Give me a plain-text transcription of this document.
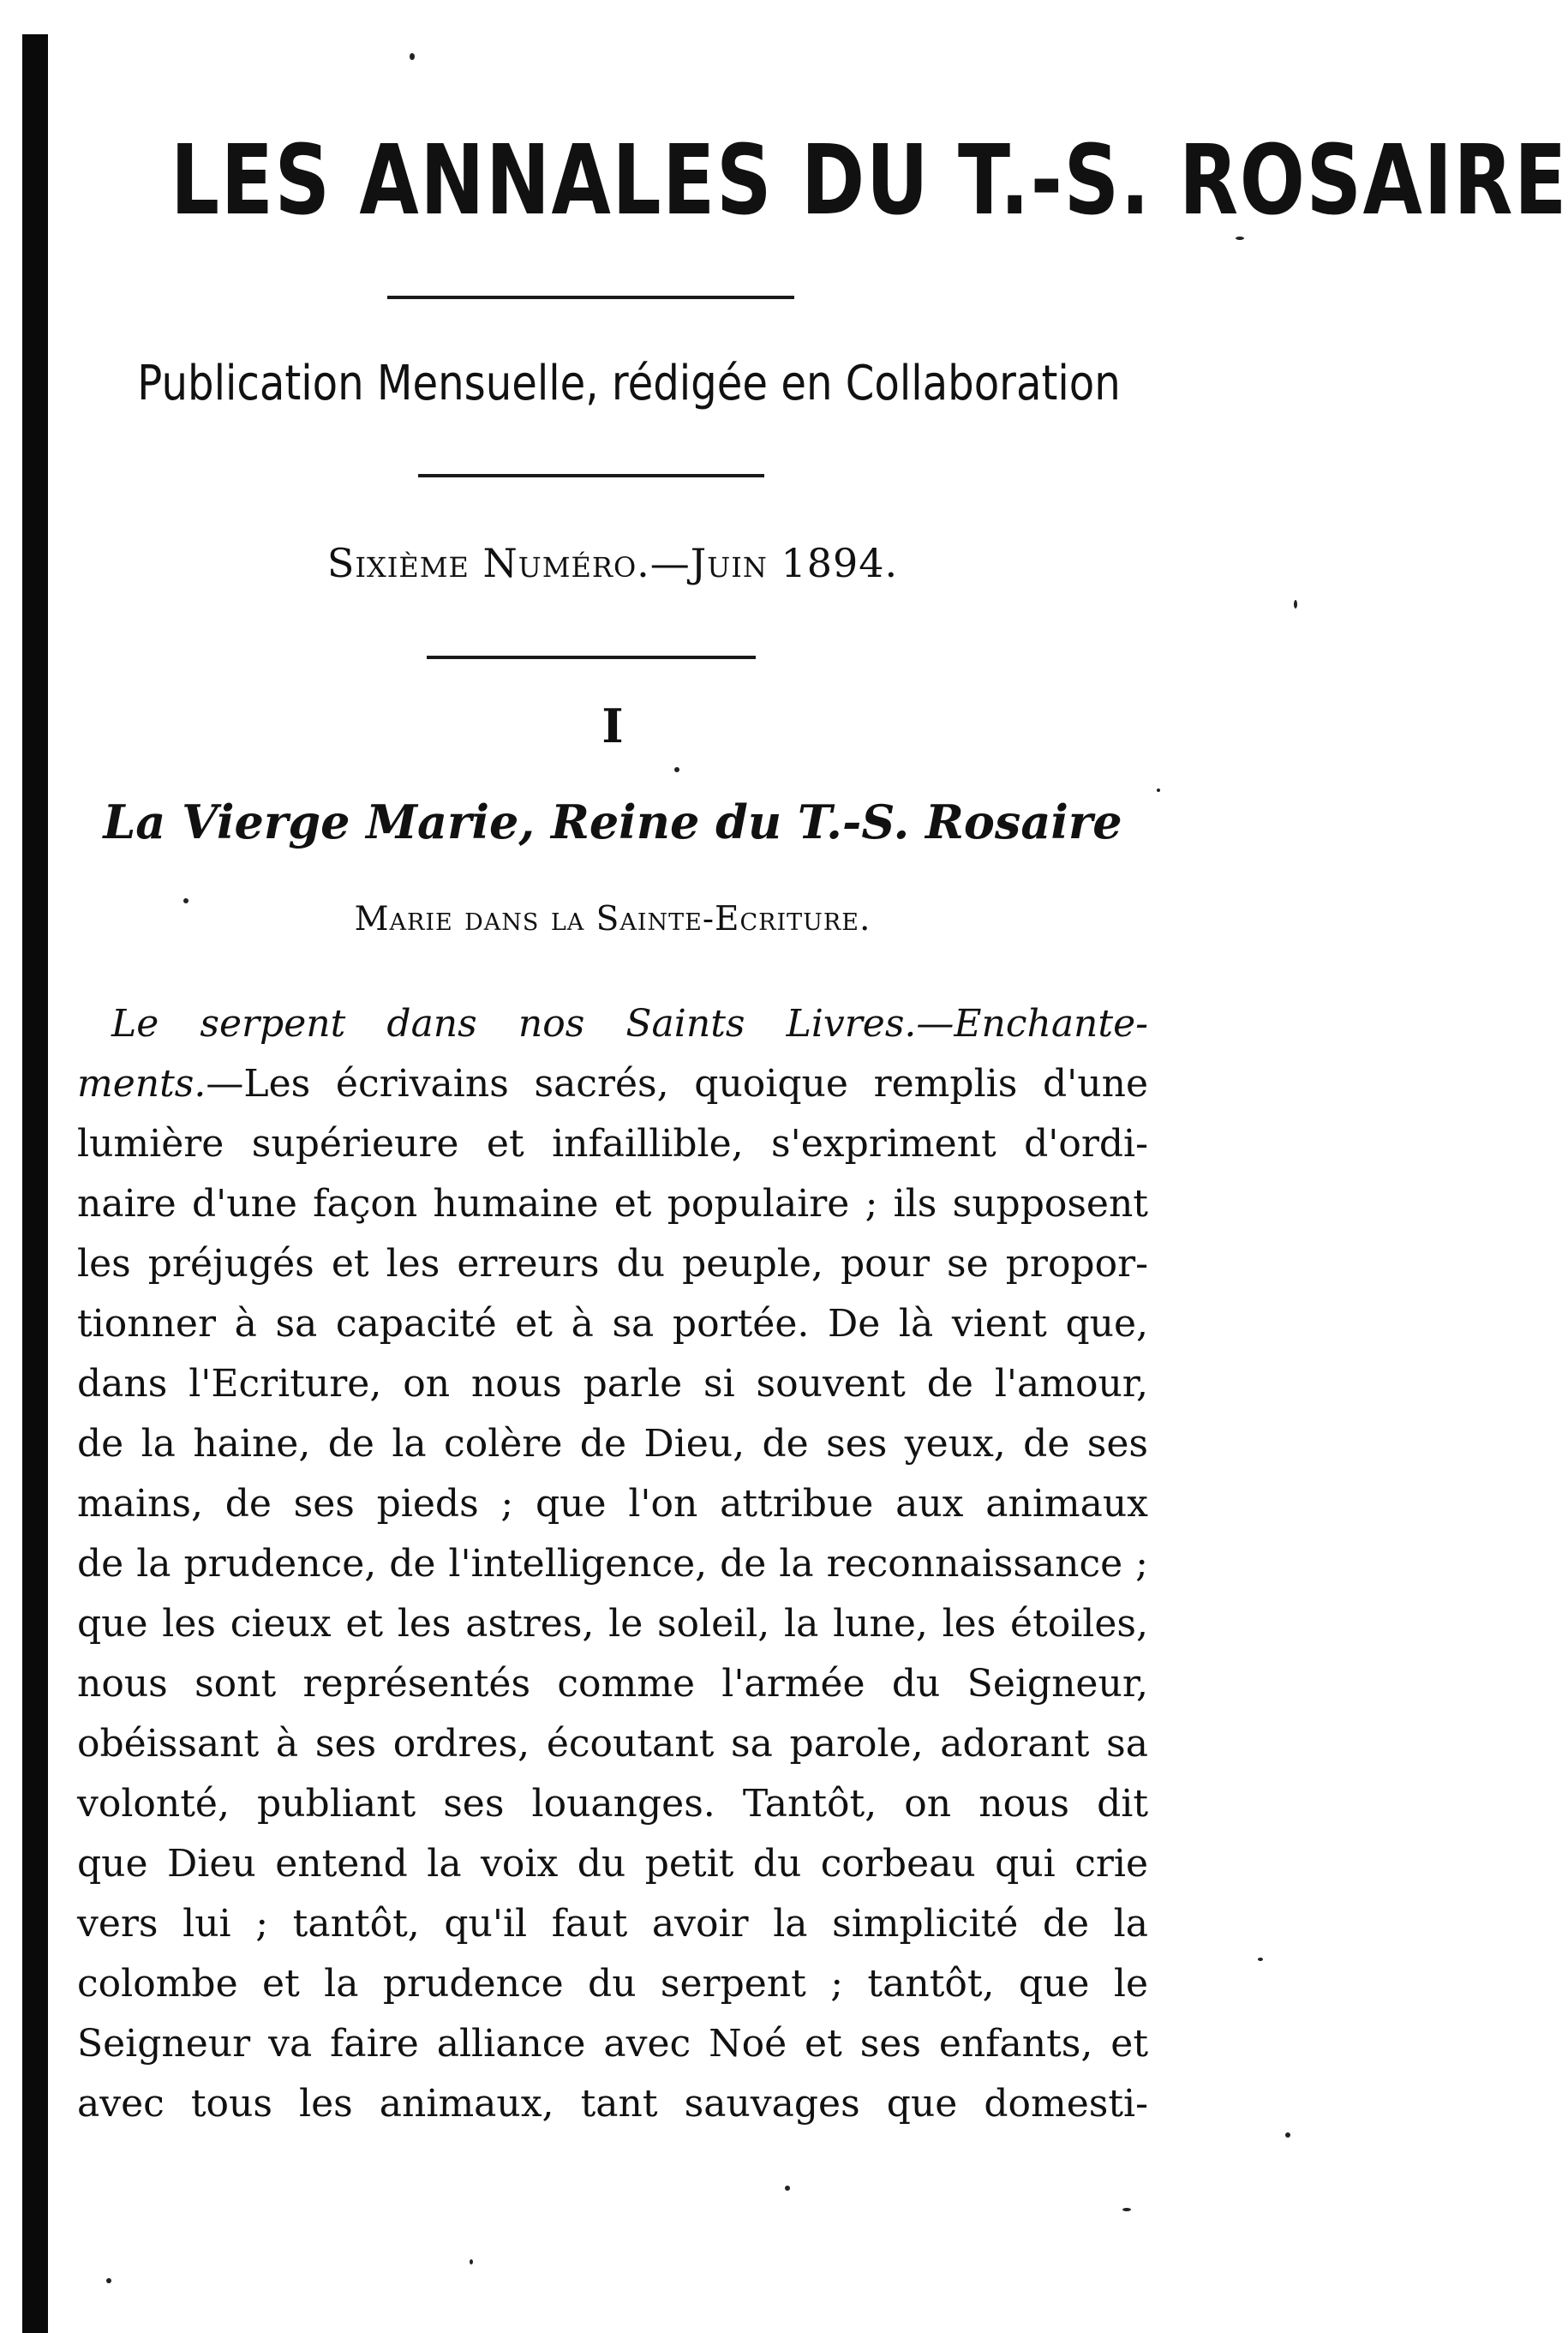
LES ANNALES DU T.-S. ROSAIRE
Publication Mensuelle, rédigée en Collaboration
Sixième Numéro.—Juin 1894.
I
La Vierge Marie, Reine du T.-S. Rosaire
Marie dans la Sainte-Ecriture.
Le serpent dans nos Saints Livres.—Enchante-
ments.—Les écrivains sacrés, quoique remplis d'une
lumière supérieure et infaillible, s'expriment d'ordi-
naire d'une façon humaine et populaire ; ils supposent
les préjugés et les erreurs du peuple, pour se propor-
tionner à sa capacité et à sa portée. De là vient que,
dans l'Ecriture, on nous parle si souvent de l'amour,
de la haine, de la colère de Dieu, de ses yeux, de ses
mains, de ses pieds ; que l'on attribue aux animaux
de la prudence, de l'intelligence, de la reconnaissance ;
que les cieux et les astres, le soleil, la lune, les étoiles,
nous sont représentés comme l'armée du Seigneur,
obéissant à ses ordres, écoutant sa parole, adorant sa
volonté, publiant ses louanges. Tantôt, on nous dit
que Dieu entend la voix du petit du corbeau qui crie
vers lui ; tantôt, qu'il faut avoir la simplicité de la
colombe et la prudence du serpent ; tantôt, que le
Seigneur va faire alliance avec Noé et ses enfants, et
avec tous les animaux, tant sauvages que domesti-
